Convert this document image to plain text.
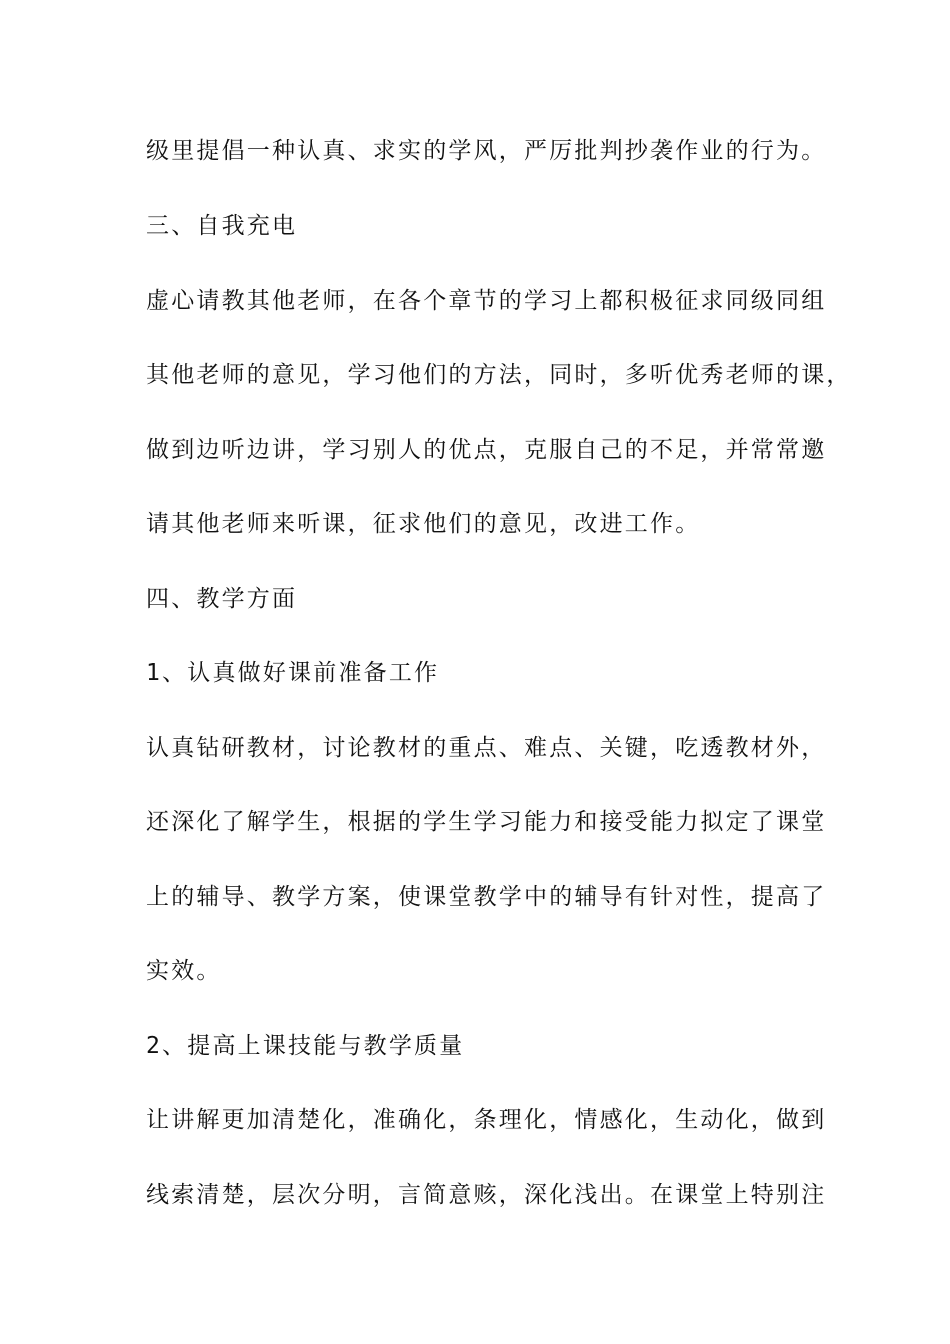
级里提倡一种认真、求实的学风，严厉批判抄袭作业的行为。

三、自我充电

虚心请教其他老师，在各个章节的学习上都积极征求同级同组

其他老师的意见，学习他们的方法，同时，多听优秀老师的课，

做到边听边讲，学习别人的优点，克服自己的不足，并常常邀

请其他老师来听课，征求他们的意见，改进工作。

四、教学方面

1、认真做好课前准备工作

认真钻研教材，讨论教材的重点、难点、关键，吃透教材外，

还深化了解学生，根据的学生学习能力和接受能力拟定了课堂

上的辅导、教学方案，使课堂教学中的辅导有针对性，提高了

实效。

2、提高上课技能与教学质量

让讲解更加清楚化，准确化，条理化，情感化，生动化，做到

线索清楚，层次分明，言简意赅，深化浅出。在课堂上特别注
